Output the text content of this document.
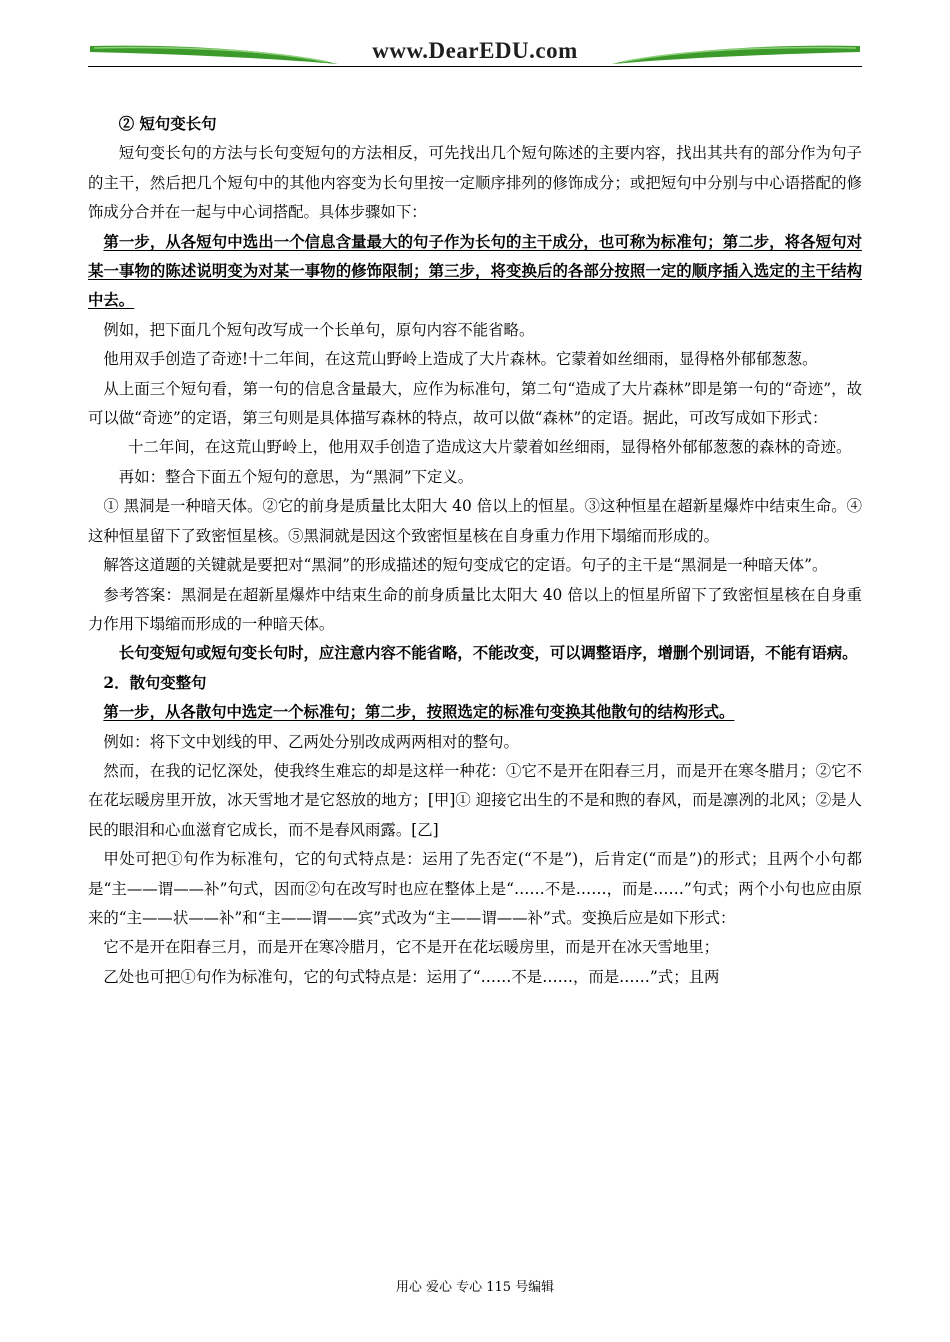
www.DearEDU.com

② 短句变长句

短句变长句的方法与长句变短句的方法相反，可先找出几个短句陈述的主要内容，找出其共有的部分作为句子的主干，然后把几个短句中的其他内容变为长句里按一定顺序排列的修饰成分；或把短句中分别与中心语搭配的修饰成分合并在一起与中心词搭配。具体步骤如下：

第一步，从各短句中选出一个信息含量最大的句子作为长句的主干成分，也可称为标准句；第二步，将各短句对某一事物的陈述说明变为对某一事物的修饰限制；第三步，将变换后的各部分按照一定的顺序插入选定的主干结构中去。

例如，把下面几个短句改写成一个长单句，原句内容不能省略。

他用双手创造了奇迹!十二年间，在这荒山野岭上造成了大片森林。它蒙着如丝细雨，显得格外郁郁葱葱。

从上面三个短句看，第一句的信息含量最大，应作为标准句，第二句“造成了大片森林”即是第一句的“奇迹”，故可以做“奇迹”的定语，第三句则是具体描写森林的特点，故可以做“森林”的定语。据此，可改写成如下形式：

十二年间，在这荒山野岭上，他用双手创造了造成这大片蒙着如丝细雨，显得格外郁郁葱葱的森林的奇迹。

再如：整合下面五个短句的意思，为“黑洞”下定义。

① 黑洞是一种暗天体。②它的前身是质量比太阳大 40 倍以上的恒星。③这种恒星在超新星爆炸中结束生命。④这种恒星留下了致密恒星核。⑤黑洞就是因这个致密恒星核在自身重力作用下塌缩而形成的。

解答这道题的关键就是要把对“黑洞”的形成描述的短句变成它的定语。句子的主干是“黑洞是一种暗天体”。

参考答案：黑洞是在超新星爆炸中结束生命的前身质量比太阳大 40 倍以上的恒星所留下了致密恒星核在自身重力作用下塌缩而形成的一种暗天体。

长句变短句或短句变长句时，应注意内容不能省略，不能改变，可以调整语序，增删个别词语，不能有语病。

2．散句变整句

第一步，从各散句中选定一个标准句；第二步，按照选定的标准句变换其他散句的结构形式。

例如：将下文中划线的甲、乙两处分别改成两两相对的整句。

然而，在我的记忆深处，使我终生难忘的却是这样一种花：①它不是开在阳春三月，而是开在寒冬腊月；②它不在花坛暖房里开放，冰天雪地才是它怒放的地方；[甲]① 迎接它出生的不是和煦的春风，而是凛冽的北风；②是人民的眼泪和心血滋育它成长，而不是春风雨露。[乙]

甲处可把①句作为标准句，它的句式特点是：运用了先否定(“不是”)，后肯定(“而是”)的形式；且两个小句都是“主——谓——补”句式，因而②句在改写时也应在整体上是“……不是……，而是……”句式；两个小句也应由原来的“主——状——补”和“主——谓——宾”式改为“主——谓——补”式。变换后应是如下形式：

它不是开在阳春三月，而是开在寒冷腊月，它不是开在花坛暖房里，而是开在冰天雪地里；

乙处也可把①句作为标准句，它的句式特点是：运用了“……不是……，而是……”式；且两

用心 爱心 专心 115 号编辑
